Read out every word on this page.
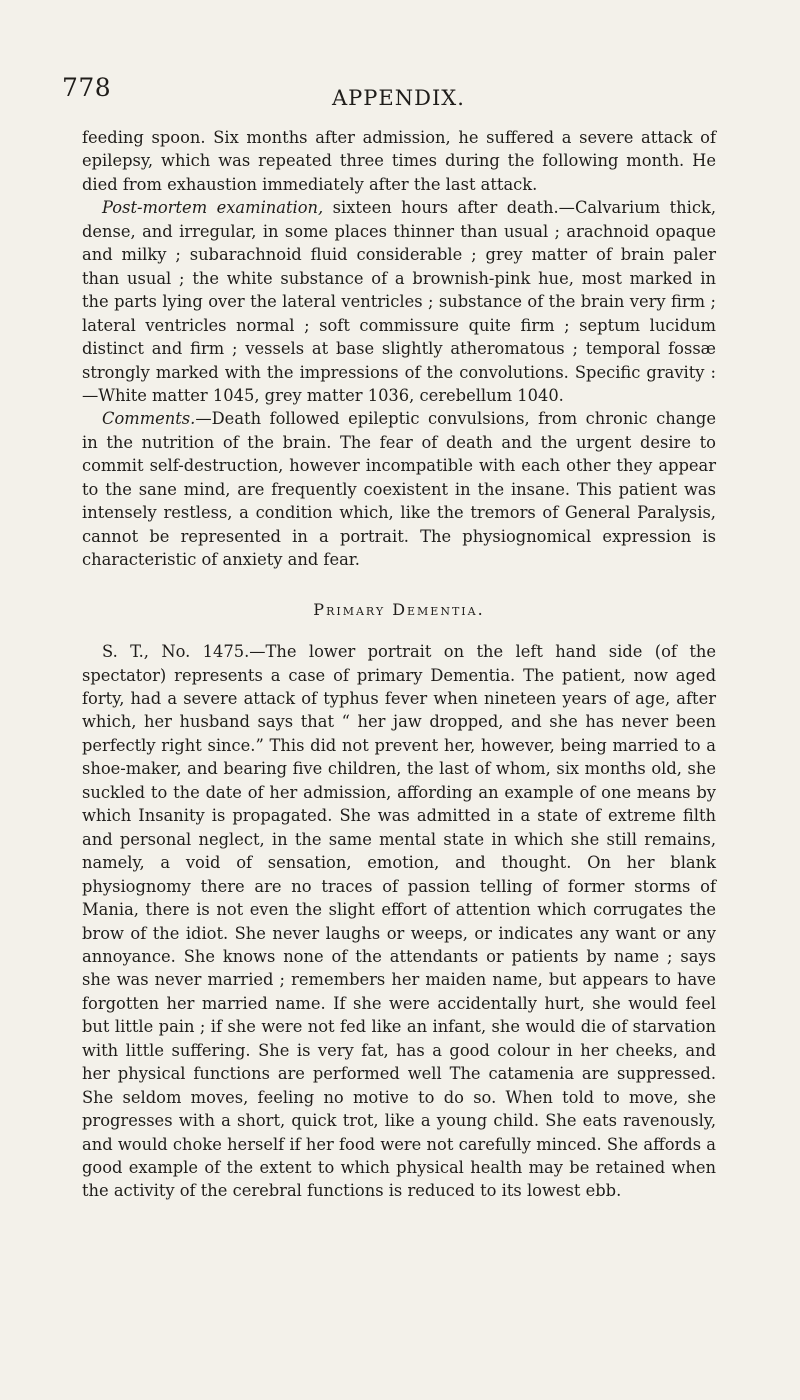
778	APPENDIX.

feeding spoon. Six months after admission, he suffered a severe attack of epilepsy, which was repeated three times during the following month. He died from exhaustion immediately after the last attack.

Post-mortem examination, sixteen hours after death.—Calvarium thick, dense, and irregular, in some places thinner than usual ; arachnoid opaque and milky ; subarachnoid fluid considerable ; grey matter of brain paler than usual ; the white substance of a brownish-pink hue, most marked in the parts lying over the lateral ventricles ; substance of the brain very firm ; lateral ventricles normal ; soft commissure quite firm ; septum lucidum distinct and firm ; vessels at base slightly atheromatous ; temporal fossæ strongly marked with the impressions of the convolutions. Specific gravity :—White matter 1045, grey matter 1036, cerebellum 1040.

Comments.—Death followed epileptic convulsions, from chronic change in the nutrition of the brain. The fear of death and the urgent desire to commit self-destruction, however incompatible with each other they appear to the sane mind, are frequently coexistent in the insane. This patient was intensely restless, a condition which, like the tremors of General Paralysis, cannot be represented in a portrait. The physiognomical expression is characteristic of anxiety and fear.

Primary Dementia.

S. T., No. 1475.—The lower portrait on the left hand side (of the spectator) represents a case of primary Dementia. The patient, now aged forty, had a severe attack of typhus fever when nineteen years of age, after which, her husband says that “ her jaw dropped, and she has never been perfectly right since.” This did not prevent her, however, being married to a shoe-maker, and bearing five children, the last of whom, six months old, she suckled to the date of her admission, affording an example of one means by which Insanity is propagated. She was admitted in a state of extreme filth and personal neglect, in the same mental state in which she still remains, namely, a void of sensation, emotion, and thought. On her blank physiognomy there are no traces of passion telling of former storms of Mania, there is not even the slight effort of attention which corrugates the brow of the idiot. She never laughs or weeps, or indicates any want or any annoyance. She knows none of the attendants or patients by name ; says she was never married ; remembers her maiden name, but appears to have forgotten her married name. If she were accidentally hurt, she would feel but little pain ; if she were not fed like an infant, she would die of starvation with little suffering. She is very fat, has a good colour in her cheeks, and her physical functions are performed well The catamenia are suppressed. She seldom moves, feeling no motive to do so. When told to move, she progresses with a short, quick trot, like a young child. She eats ravenously, and would choke herself if her food were not carefully minced. She affords a good example of the extent to which physical health may be retained when the activity of the cerebral functions is reduced to its lowest ebb.
